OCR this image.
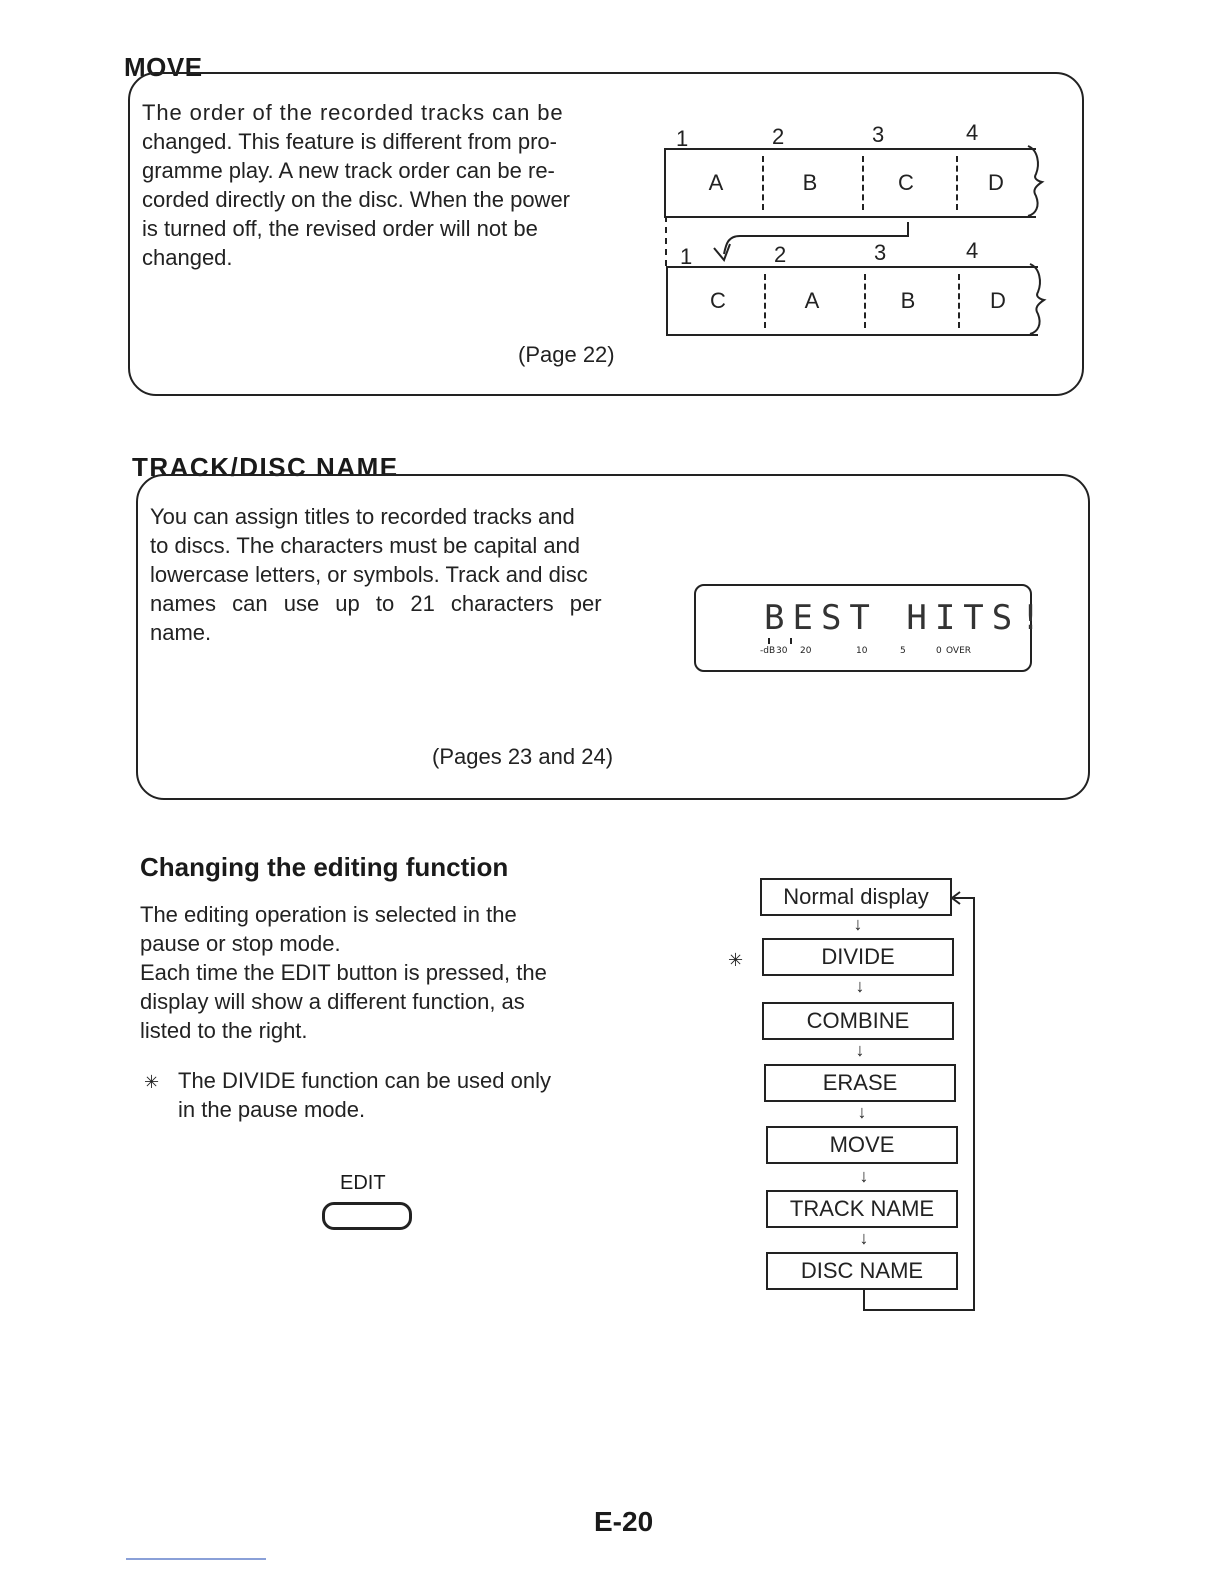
MOVE
The order of the recorded tracks can be
changed. This feature is different from pro-
gramme play. A new track order can be re-
corded directly on the disc. When the power
is turned off, the revised order will not be
changed.
(Page 22)
1	2	3	4
A	B	C	D
1	2	3	4
C	A	B	D
TRACK/DISC NAME
You can assign titles to recorded tracks and
to discs. The characters must be capital and
lowercase letters, or symbols. Track and disc
names can use up to 21 characters per
name.
(Pages 23 and 24)
BEST HITS!
-dB 30 20	10	5	0 OVER
Changing the editing function
The editing operation is selected in the
pause or stop mode.
Each time the EDIT button is pressed, the
display will show a different function, as
listed to the right.
✳ The DIVIDE function can be used only
in the pause mode.
EDIT
Normal display
↓
✳	DIVIDE
↓
COMBINE
↓
ERASE
↓
MOVE
↓
TRACK NAME
↓
DISC NAME
E-20
